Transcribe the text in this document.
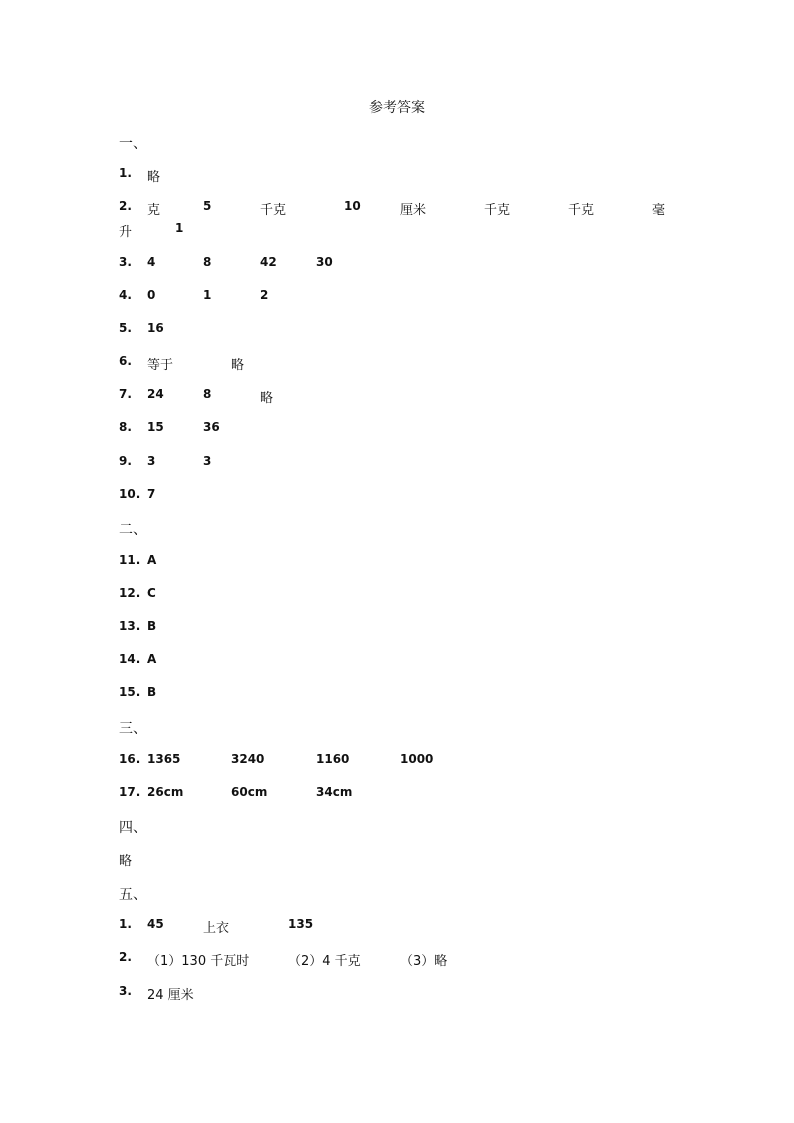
参考答案
一、
1. 略
2. 克	5	千克	10	厘米	千克	千克	毫
升	1
3. 4	8	42	30
4. 0	1	2
5. 16
6. 等于	略
7. 24	8	略
8. 15	36
9. 3	3
10. 7
二、
11. A
12. C
13. B
14. A
15. B
三、
16. 1365	3240	1160	1000
17. 26cm	60cm	34cm
四、
略
五、
1. 45	上衣	135
2. （1）130 千瓦时	（2）4 千克	（3）略
3. 24 厘米
